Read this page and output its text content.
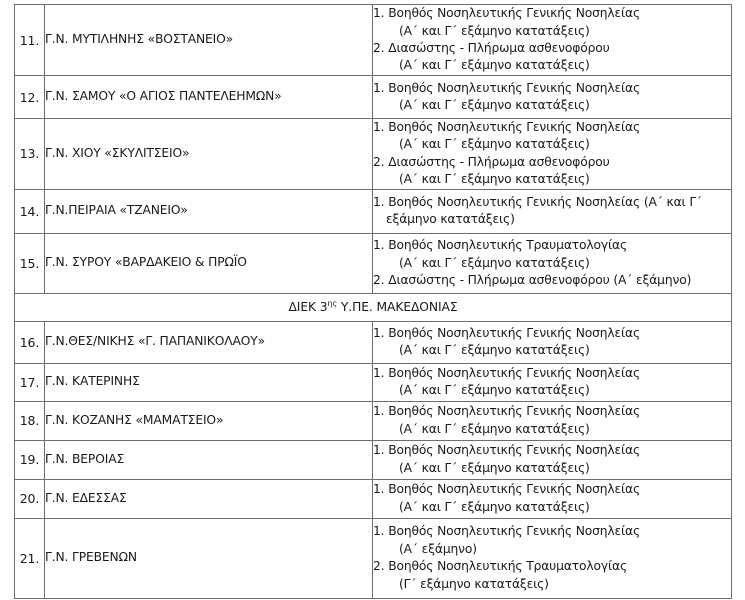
11.	Γ.Ν. ΜΥΤΙΛΗΝΗΣ «ΒΟΣΤΑΝΕΙΟ»	
1. Βοηθός Νοσηλευτικής Γενικής Νοσηλείας
(Α΄ και Γ΄ εξάμηνο κατατάξεις)
2. Διασώστης - Πλήρωμα ασθενοφόρου
(Α΄ και Γ΄ εξάμηνο κατατάξεις)

12.	Γ.Ν. ΣΑΜΟΥ «Ο ΑΓΙΟΣ ΠΑΝΤΕΛΕΗΜΩΝ»	
1. Βοηθός Νοσηλευτικής Γενικής Νοσηλείας
(Α΄ και Γ΄ εξάμηνο κατατάξεις)

13.	Γ.Ν. ΧΙΟΥ «ΣΚΥΛΙΤΣΕΙΟ»	
1. Βοηθός Νοσηλευτικής Γενικής Νοσηλείας
(Α΄ και Γ΄ εξάμηνο κατατάξεις)
2. Διασώστης - Πλήρωμα ασθενοφόρου
(Α΄ και Γ΄ εξάμηνο κατατάξεις)

14.	Γ.Ν.ΠΕΙΡΑΙΑ «ΤΖΑΝΕΙΟ»	
1. Βοηθός Νοσηλευτικής Γενικής Νοσηλείας (Α΄ και Γ΄
εξάμηνο κατατάξεις)

15.	Γ.Ν. ΣΥΡΟΥ «ΒΑΡΔΑΚΕΙΟ & ΠΡΩΪΟ	
1. Βοηθός Νοσηλευτικής Τραυματολογίας
(Α΄ και Γ΄ εξάμηνο κατατάξεις)
2. Διασώστης - Πλήρωμα ασθενοφόρου (Α΄ εξάμηνο)

ΔΙΕΚ $3^{\eta\varsigma}$ Υ.ΠΕ. ΜΑΚΕΔΟΝΙΑΣ		
16.	Γ.Ν.ΘΕΣ/ΝΙΚΗΣ «Γ. ΠΑΠΑΝΙΚΟΛΑΟΥ»	
1. Βοηθός Νοσηλευτικής Γενικής Νοσηλείας
(Α΄ και Γ΄ εξάμηνο κατατάξεις)

17.	Γ.Ν. ΚΑΤΕΡΙΝΗΣ	
1. Βοηθός Νοσηλευτικής Γενικής Νοσηλείας
(Α΄ και Γ΄ εξάμηνο κατατάξεις)

18.	Γ.Ν. ΚΟΖΑΝΗΣ «ΜΑΜΑΤΣΕΙΟ»	
1. Βοηθός Νοσηλευτικής Γενικής Νοσηλείας
(Α΄ και Γ΄ εξάμηνο κατατάξεις)

19.	Γ.Ν. ΒΕΡΟΙΑΣ	
1. Βοηθός Νοσηλευτικής Γενικής Νοσηλείας
(Α΄ και Γ΄ εξάμηνο κατατάξεις)

20.	Γ.Ν. ΕΔΕΣΣΑΣ	
1. Βοηθός Νοσηλευτικής Γενικής Νοσηλείας
(Α΄ και Γ΄ εξάμηνο κατατάξεις)

21.	Γ.Ν. ΓΡΕΒΕΝΩΝ	
1. Βοηθός Νοσηλευτικής Γενικής Νοσηλείας
(Α΄ εξάμηνο)
2. Βοηθός Νοσηλευτικής Τραυματολογίας
(Γ΄ εξάμηνο κατατάξεις)
